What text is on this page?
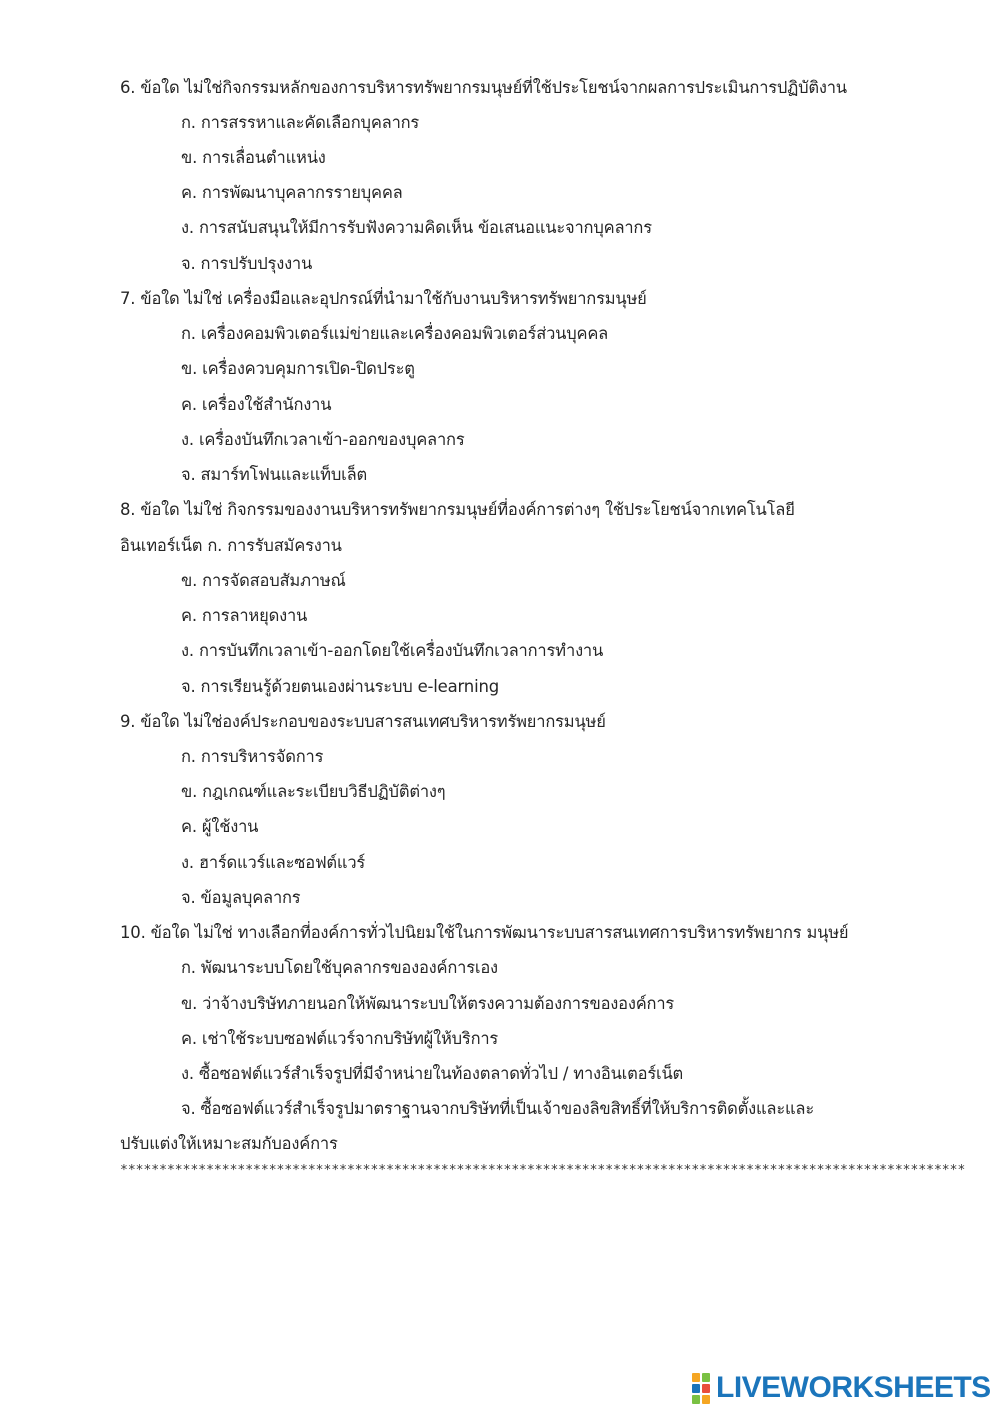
6. ข้อใด ไม่ใช่กิจกรรมหลักของการบริหารทรัพยากรมนุษย์ที่ใช้ประโยชน์จากผลการประเมินการปฏิบัติงาน
ก. การสรรหาและคัดเลือกบุคลากร
ข. การเลื่อนตำแหน่ง
ค. การพัฒนาบุคลากรรายบุคคล
ง. การสนับสนุนให้มีการรับฟังความคิดเห็น ข้อเสนอแนะจากบุคลากร
จ. การปรับปรุงงาน
7. ข้อใด ไม่ใช่ เครื่องมือและอุปกรณ์ที่นำมาใช้กับงานบริหารทรัพยากรมนุษย์
ก. เครื่องคอมพิวเตอร์แม่ข่ายและเครื่องคอมพิวเตอร์ส่วนบุคคล
ข. เครื่องควบคุมการเปิด-ปิดประตู
ค. เครื่องใช้สำนักงาน
ง. เครื่องบันทึกเวลาเข้า-ออกของบุคลากร
จ. สมาร์ทโฟนและแท็บเล็ต
8. ข้อใด ไม่ใช่ กิจกรรมของงานบริหารทรัพยากรมนุษย์ที่องค์การต่างๆ ใช้ประโยชน์จากเทคโนโลยี
อินเทอร์เน็ต ก. การรับสมัครงาน
ข. การจัดสอบสัมภาษณ์
ค. การลาหยุดงาน
ง. การบันทึกเวลาเข้า-ออกโดยใช้เครื่องบันทึกเวลาการทำงาน
จ. การเรียนรู้ด้วยตนเองผ่านระบบ e-learning
9. ข้อใด ไม่ใช่องค์ประกอบของระบบสารสนเทศบริหารทรัพยากรมนุษย์
ก. การบริหารจัดการ
ข. กฎเกณฑ์และระเบียบวิธีปฏิบัติต่างๆ
ค. ผู้ใช้งาน
ง. ฮาร์ดแวร์และซอฟต์แวร์
จ. ข้อมูลบุคลากร
10. ข้อใด ไม่ใช่ ทางเลือกที่องค์การทั่วไปนิยมใช้ในการพัฒนาระบบสารสนเทศการบริหารทรัพยากร มนุษย์
ก. พัฒนาระบบโดยใช้บุคลากรขององค์การเอง
ข. ว่าจ้างบริษัทภายนอกให้พัฒนาระบบให้ตรงความต้องการขององค์การ
ค. เช่าใช้ระบบซอฟต์แวร์จากบริษัทผู้ให้บริการ
ง. ซื้อซอฟต์แวร์สำเร็จรูปที่มีจำหน่ายในท้องตลาดทั่วไป / ทางอินเตอร์เน็ต
จ. ซื้อซอฟต์แวร์สำเร็จรูปมาตราฐานจากบริษัทที่เป็นเจ้าของลิขสิทธิ์ที่ให้บริการติดตั้งและและ
ปรับแต่งให้เหมาะสมกับองค์การ
************************************************************************************************************
LIVEWORKSHEETS
